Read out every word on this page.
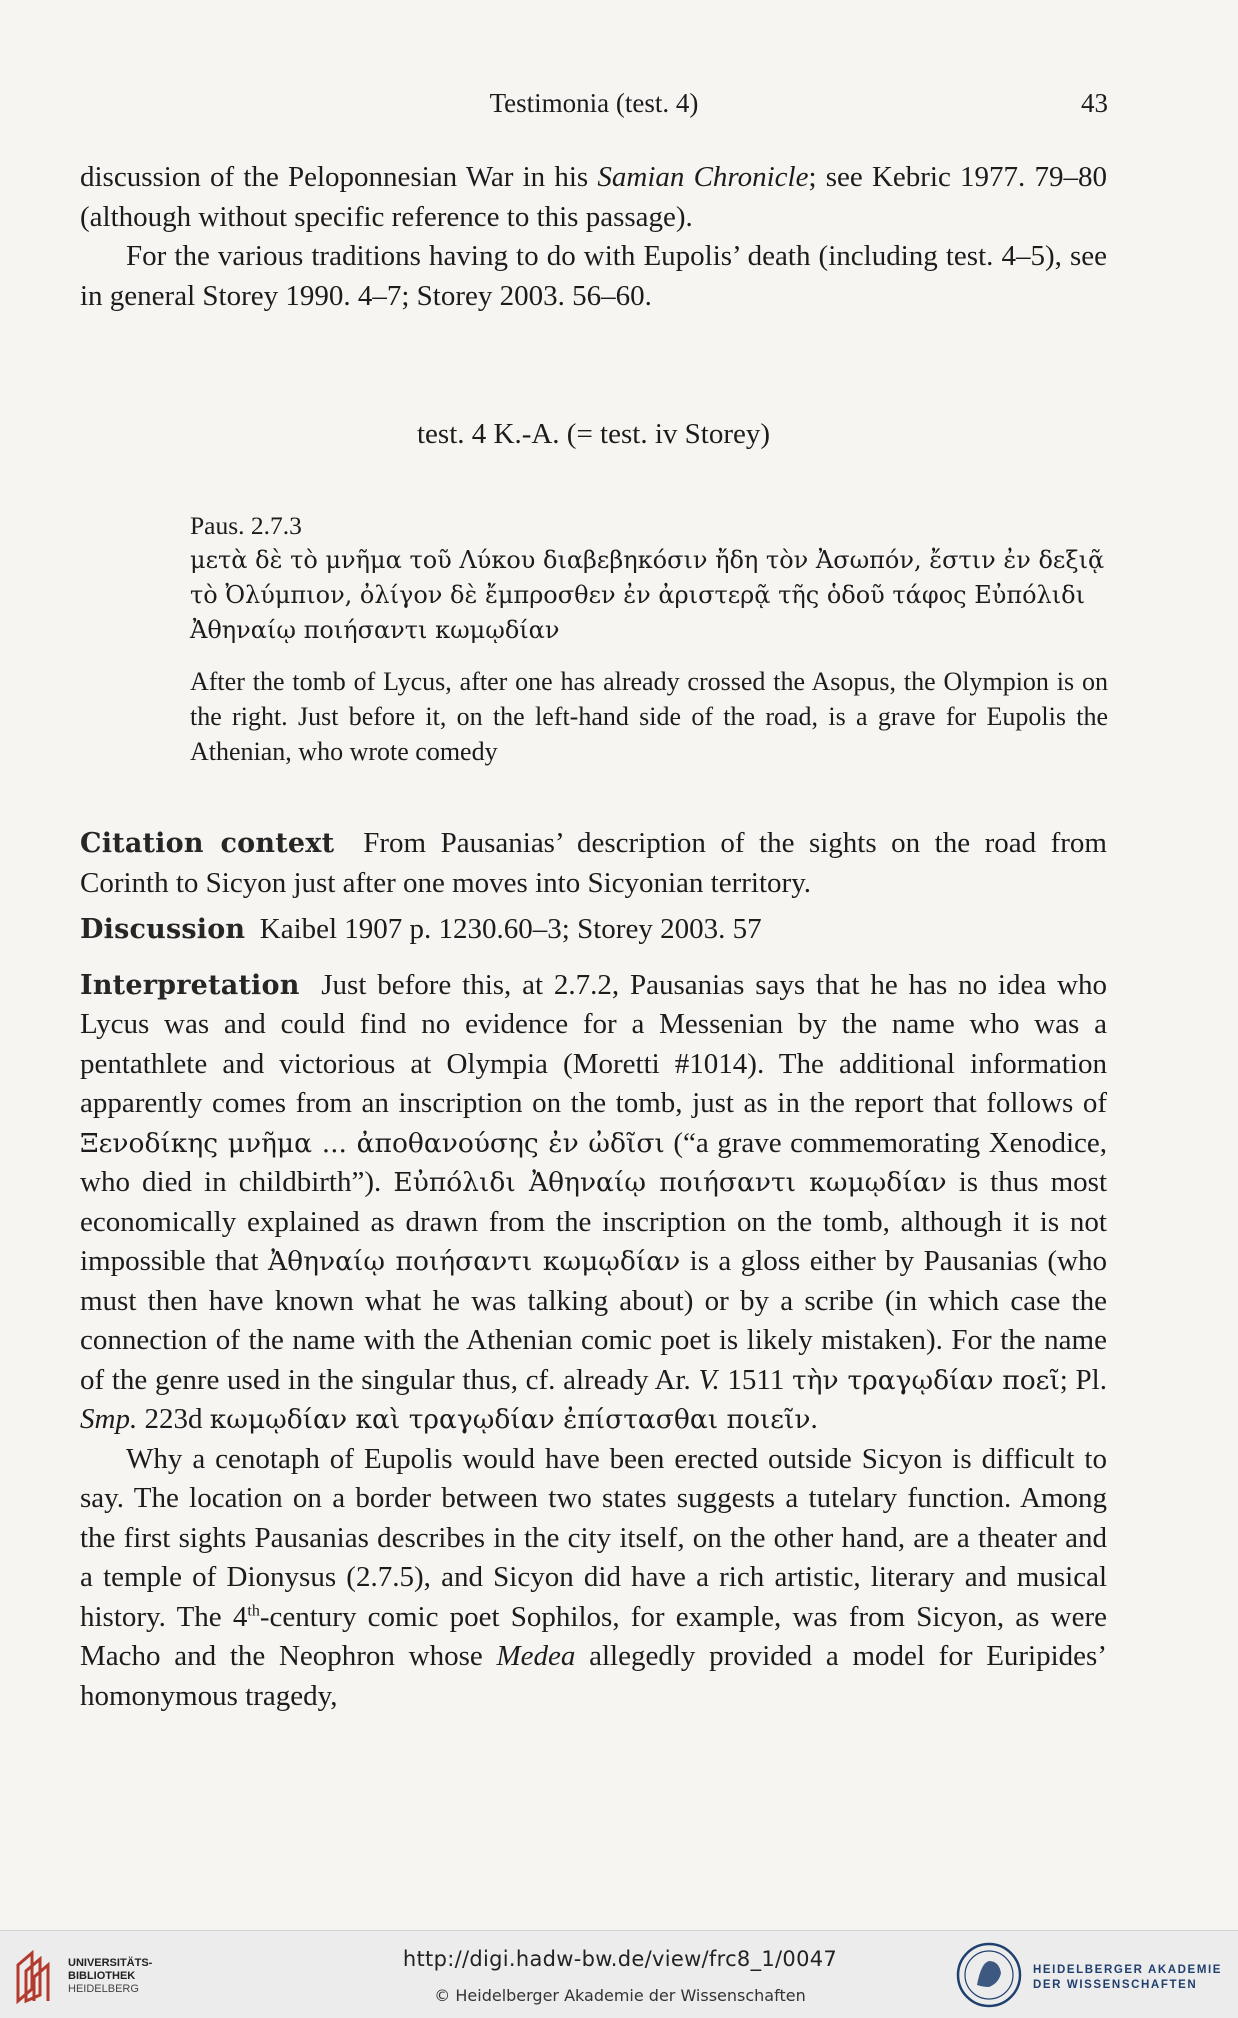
Testimonia (test. 4)	43

discussion of the Peloponnesian War in his Samian Chronicle; see Kebric 1977. 79–80 (although without specific reference to this passage).

For the various traditions having to do with Eupolis’ death (including test. 4–5), see in general Storey 1990. 4–7; Storey 2003. 56–60.

test. 4 K.-A. (= test. iv Storey)

Paus. 2.7.3

μετὰ δὲ τὸ μνῆμα τοῦ Λύκου διαβεβηκόσιν ἤδη τὸν Ἀσωπόν, ἔστιν ἐν δεξιᾷ

τὸ Ὀλύμπιον, ὀλίγον δὲ ἔμπροσθεν ἐν ἀριστερᾷ τῆς ὁδοῦ τάφος Εὐπόλιδι

Ἀθηναίῳ ποιήσαντι κωμῳδίαν

After the tomb of Lycus, after one has already crossed the Asopus, the Olympion is on the right. Just before it, on the left-hand side of the road, is a grave for Eupolis the Athenian, who wrote comedy

Citation context From Pausanias’ description of the sights on the road from Corinth to Sicyon just after one moves into Sicyonian territory.

Discussion Kaibel 1907 p. 1230.60–3; Storey 2003. 57

Interpretation Just before this, at 2.7.2, Pausanias says that he has no idea who Lycus was and could find no evidence for a Messenian by the name who was a pentathlete and victorious at Olympia (Moretti #1014). The additional information apparently comes from an inscription on the tomb, just as in the report that follows of Ξενοδίκης μνῆμα ... ἀποθανούσης ἐν ὠδῖσι (“a grave commemorating Xenodice, who died in childbirth”). Εὐπόλιδι Ἀθηναίῳ ποιήσαντι κωμῳδίαν is thus most economically explained as drawn from the inscription on the tomb, although it is not impossible that Ἀθηναίῳ ποιήσαντι κωμῳδίαν is a gloss either by Pausanias (who must then have known what he was talking about) or by a scribe (in which case the connection of the name with the Athenian comic poet is likely mistaken). For the name of the genre used in the singular thus, cf. already Ar. V. 1511 τὴν τραγῳδίαν ποεῖ; Pl. Smp. 223d κωμῳδίαν καὶ τραγῳδίαν ἐπίστασθαι ποιεῖν.

Why a cenotaph of Eupolis would have been erected outside Sicyon is difficult to say. The location on a border between two states suggests a tutelary function. Among the first sights Pausanias describes in the city itself, on the other hand, are a theater and a temple of Dionysus (2.7.5), and Sicyon did have a rich artistic, literary and musical history. The 4th-century comic poet Sophilos, for example, was from Sicyon, as were Macho and the Neophron whose Medea allegedly provided a model for Euripides’ homonymous tragedy,

UNIVERSITÄTS-
BIBLIOTHEK
HEIDELBERG
http://digi.hadw-bw.de/view/frc8_1/0047
© Heidelberger Akademie der Wissenschaften
HEIDELBERGER AKADEMIE
DER WISSENSCHAFTEN
